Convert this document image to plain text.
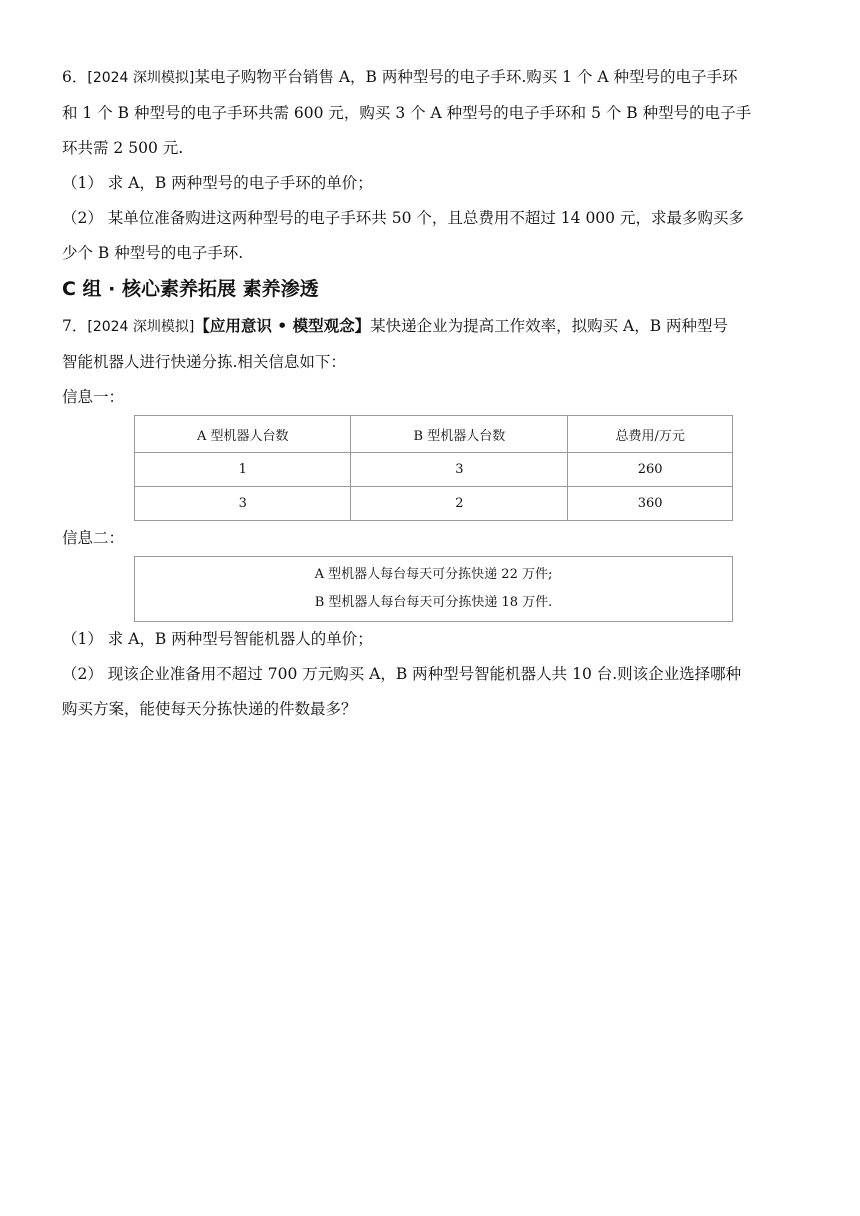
6．[2024 深圳模拟]某电子购物平台销售 A，B 两种型号的电子手环.购买 1 个 A 种型号的电子手环
和 1 个 B 种型号的电子手环共需 600 元，购买 3 个 A 种型号的电子手环和 5 个 B 种型号的电子手
环共需 2 500 元.
（1） 求 A，B 两种型号的电子手环的单价；
（2） 某单位准备购进这两种型号的电子手环共 50 个，且总费用不超过 14 000 元，求最多购买多
少个 B 种型号的电子手环.
C 组 · 核心素养拓展 素养渗透
7．[2024 深圳模拟]【应用意识 • 模型观念】某快递企业为提高工作效率，拟购买 A，B 两种型号
智能机器人进行快递分拣.相关信息如下：
信息一：
A 型机器人台数	B 型机器人台数	总费用/万元
1	3	260
3	2	360
信息二：
A 型机器人每台每天可分拣快递 22 万件;
B 型机器人每台每天可分拣快递 18 万件.
（1） 求 A，B 两种型号智能机器人的单价；
（2） 现该企业准备用不超过 700 万元购买 A，B 两种型号智能机器人共 10 台.则该企业选择哪种
购买方案，能使每天分拣快递的件数最多？
